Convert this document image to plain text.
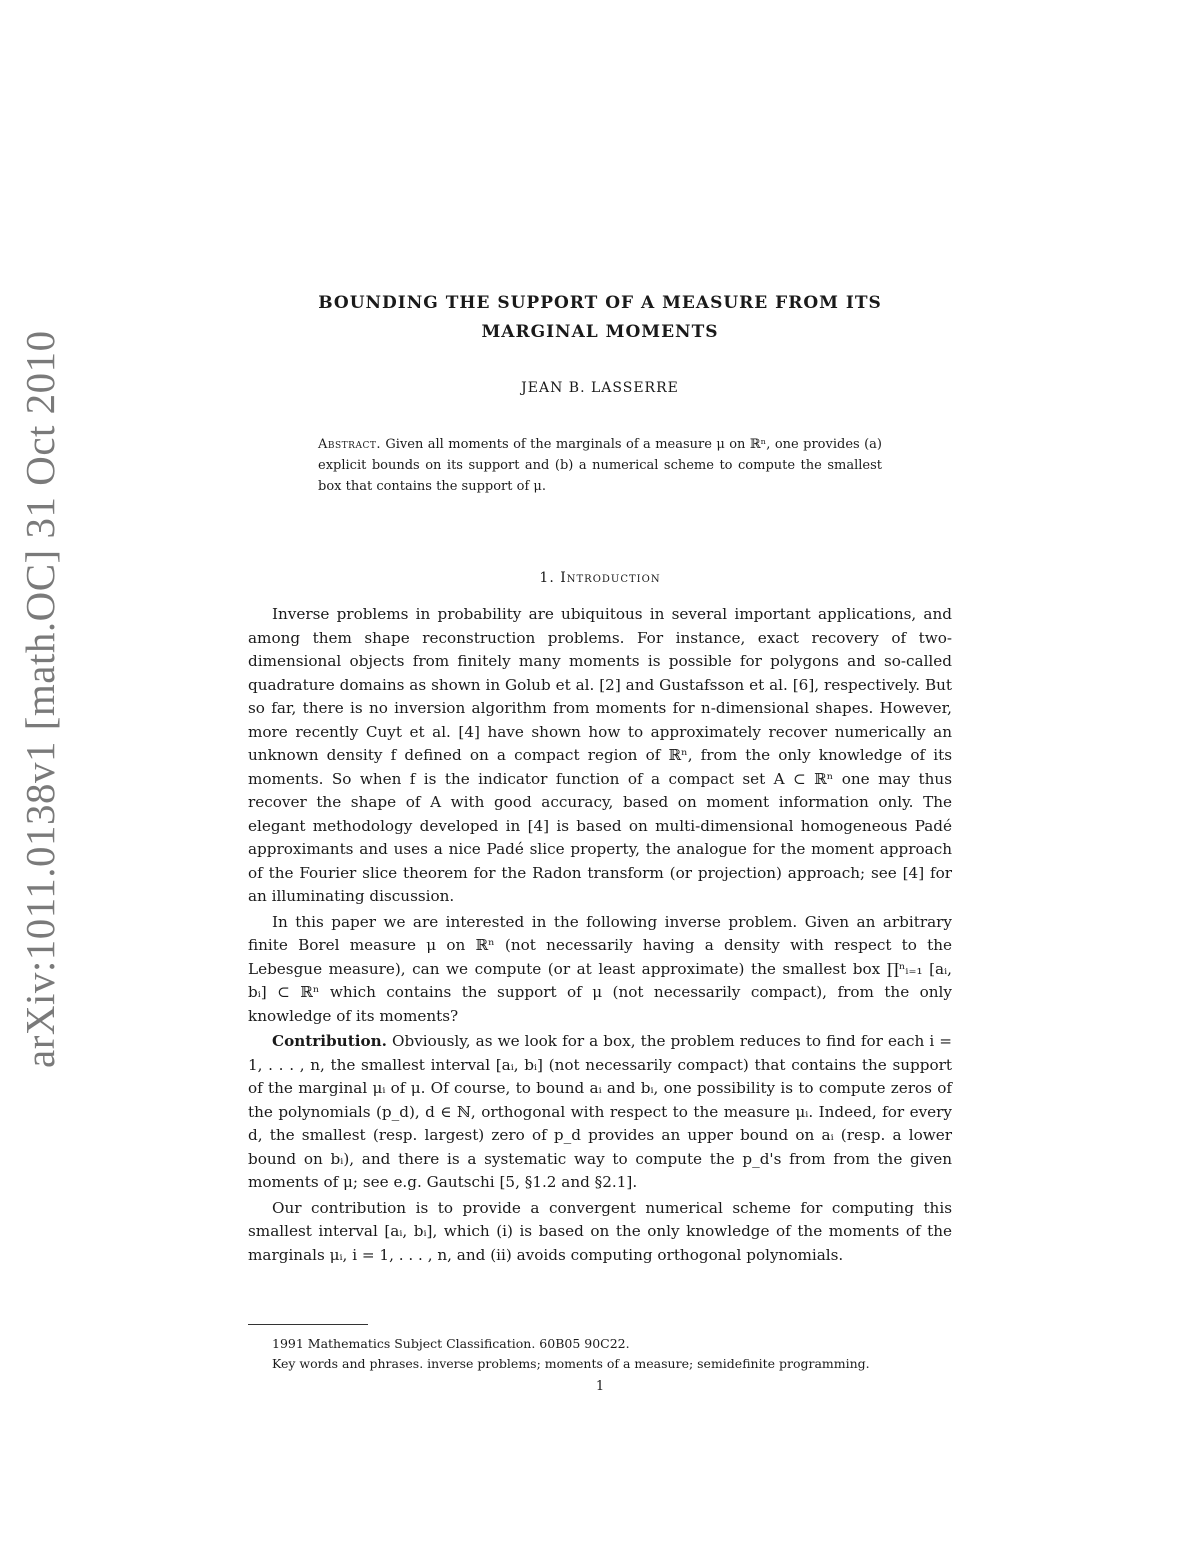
arXiv:1011.0138v1 [math.OC] 31 Oct 2010
BOUNDING THE SUPPORT OF A MEASURE FROM ITS
MARGINAL MOMENTS
JEAN B. LASSERRE
Abstract. Given all moments of the marginals of a measure μ on ℝⁿ, one provides (a) explicit bounds on its support and (b) a numerical scheme to compute the smallest box that contains the support of μ.
1. Introduction

Inverse problems in probability are ubiquitous in several important applications, and among them shape reconstruction problems. For instance, exact recovery of two-dimensional objects from finitely many moments is possible for polygons and so-called quadrature domains as shown in Golub et al. [2] and Gustafsson et al. [6], respectively. But so far, there is no inversion algorithm from moments for n-dimensional shapes. However, more recently Cuyt et al. [4] have shown how to approximately recover numerically an unknown density f defined on a compact region of ℝⁿ, from the only knowledge of its moments. So when f is the indicator function of a compact set A ⊂ ℝⁿ one may thus recover the shape of A with good accuracy, based on moment information only. The elegant methodology developed in [4] is based on multi-dimensional homogeneous Padé approximants and uses a nice Padé slice property, the analogue for the moment approach of the Fourier slice theorem for the Radon transform (or projection) approach; see [4] for an illuminating discussion.

In this paper we are interested in the following inverse problem. Given an arbitrary finite Borel measure μ on ℝⁿ (not necessarily having a density with respect to the Lebesgue measure), can we compute (or at least approximate) the smallest box ∏ⁿᵢ₌₁ [aᵢ, bᵢ] ⊂ ℝⁿ which contains the support of μ (not necessarily compact), from the only knowledge of its moments?

Contribution. Obviously, as we look for a box, the problem reduces to find for each i = 1, . . . , n, the smallest interval [aᵢ, bᵢ] (not necessarily compact) that contains the support of the marginal μᵢ of μ. Of course, to bound aᵢ and bᵢ, one possibility is to compute zeros of the polynomials (p_d), d ∈ ℕ, orthogonal with respect to the measure μᵢ. Indeed, for every d, the smallest (resp. largest) zero of p_d provides an upper bound on aᵢ (resp. a lower bound on bᵢ), and there is a systematic way to compute the p_d's from from the given moments of μ; see e.g. Gautschi [5, §1.2 and §2.1].

Our contribution is to provide a convergent numerical scheme for computing this smallest interval [aᵢ, bᵢ], which (i) is based on the only knowledge of the moments of the marginals μᵢ, i = 1, . . . , n, and (ii) avoids computing orthogonal polynomials.

1991 Mathematics Subject Classification. 60B05 90C22.
Key words and phrases. inverse problems; moments of a measure; semidefinite programming.
1
